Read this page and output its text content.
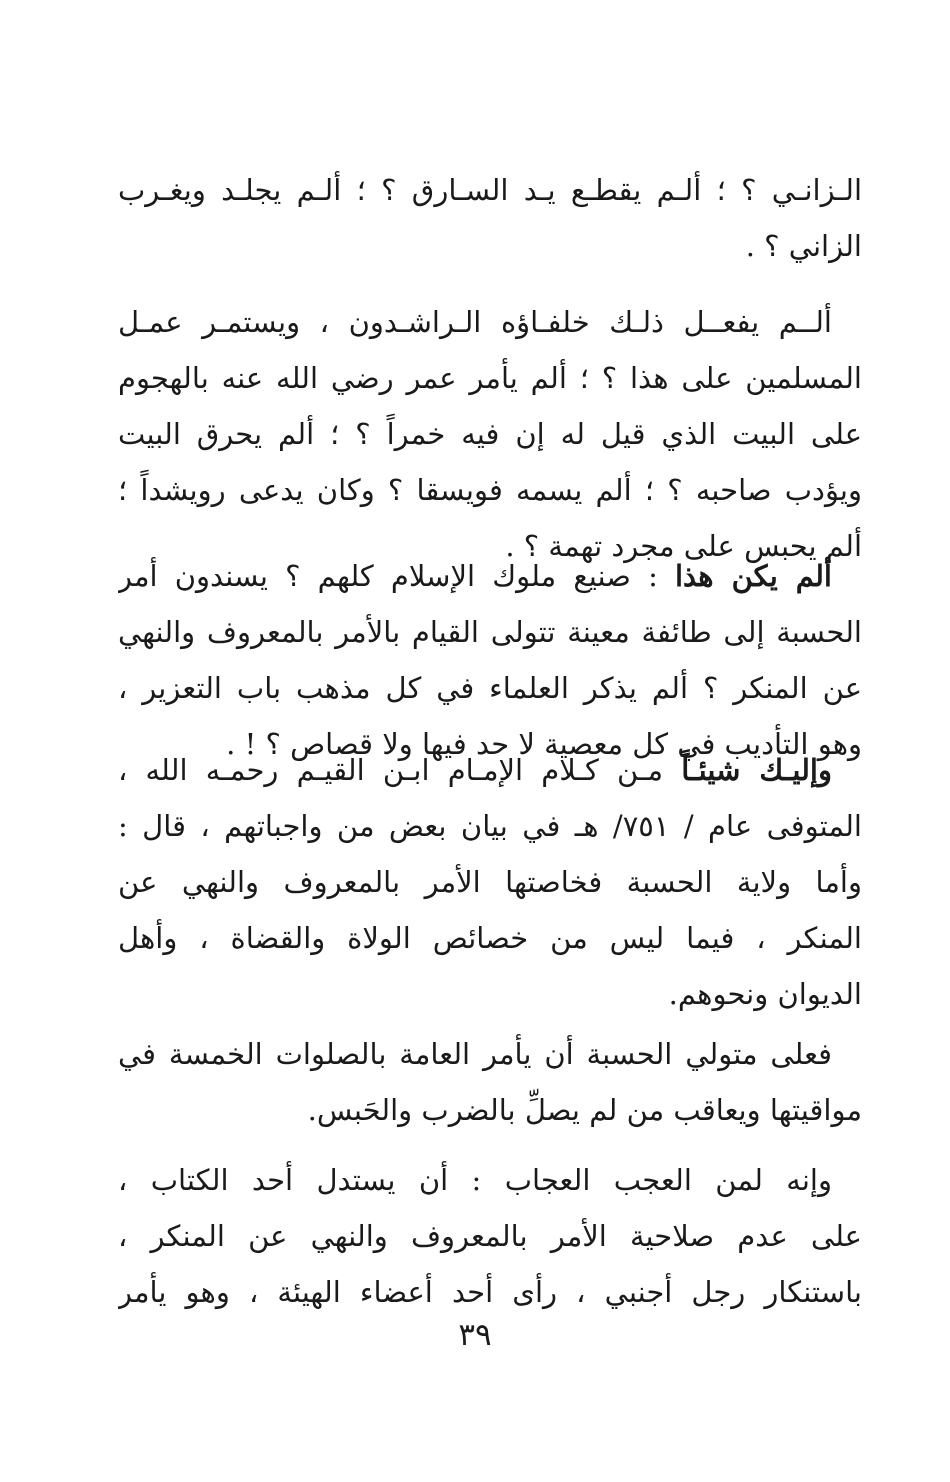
الـزانـي ؟ ؛ ألـم يقطـع يـد السـارق ؟ ؛ ألـم يجلـد ويغـرب
الزاني ؟ .
ألــم يفعــل ذلـك خلفـاؤه الـراشـدون ، ويستمـر عمـل
المسلمين على هذا ؟ ؛ ألم يأمر عمر رضي الله عنه بالهجوم
على البيت الذي قيل له إن فيه خمراً ؟ ؛ ألم يحرق البيت
ويؤدب صاحبه ؟ ؛ ألم يسمه فويسقا ؟ وكان يدعى رويشداً ؛
ألم يحبس على مجرد تهمة ؟ .
ألم يكن هذا : صنيع ملوك الإسلام كلهم ؟ يسندون أمر
الحسبة إلى طائفة معينة تتولى القيام بالأمر بالمعروف والنهي
عن المنكر ؟ ألم يذكر العلماء في كل مذهب باب التعزير ،
وهو التأديب في كل معصية لا حد فيها ولا قصاص ؟ ! .
وإليـك شيئـاً مـن كـلام الإمـام ابـن القيـم رحمـه الله ،
المتوفى عام / ٧٥١/ هـ في بيان بعض من واجباتهم ، قال :
وأما ولاية الحسبة فخاصتها الأمر بالمعروف والنهي عن
المنكر ، فيما ليس من خصائص الولاة والقضاة ، وأهل
الديوان ونحوهم.
فعلى متولي الحسبة أن يأمر العامة بالصلوات الخمسة في
مواقيتها ويعاقب من لم يصلِّ بالضرب والحَبس.
وإنه لمن العجب العجاب : أن يستدل أحد الكتاب ،
على عدم صلاحية الأمر بالمعروف والنهي عن المنكر ،
باستنكار رجل أجنبي ، رأى أحد أعضاء الهيئة ، وهو يأمر
٣٩
